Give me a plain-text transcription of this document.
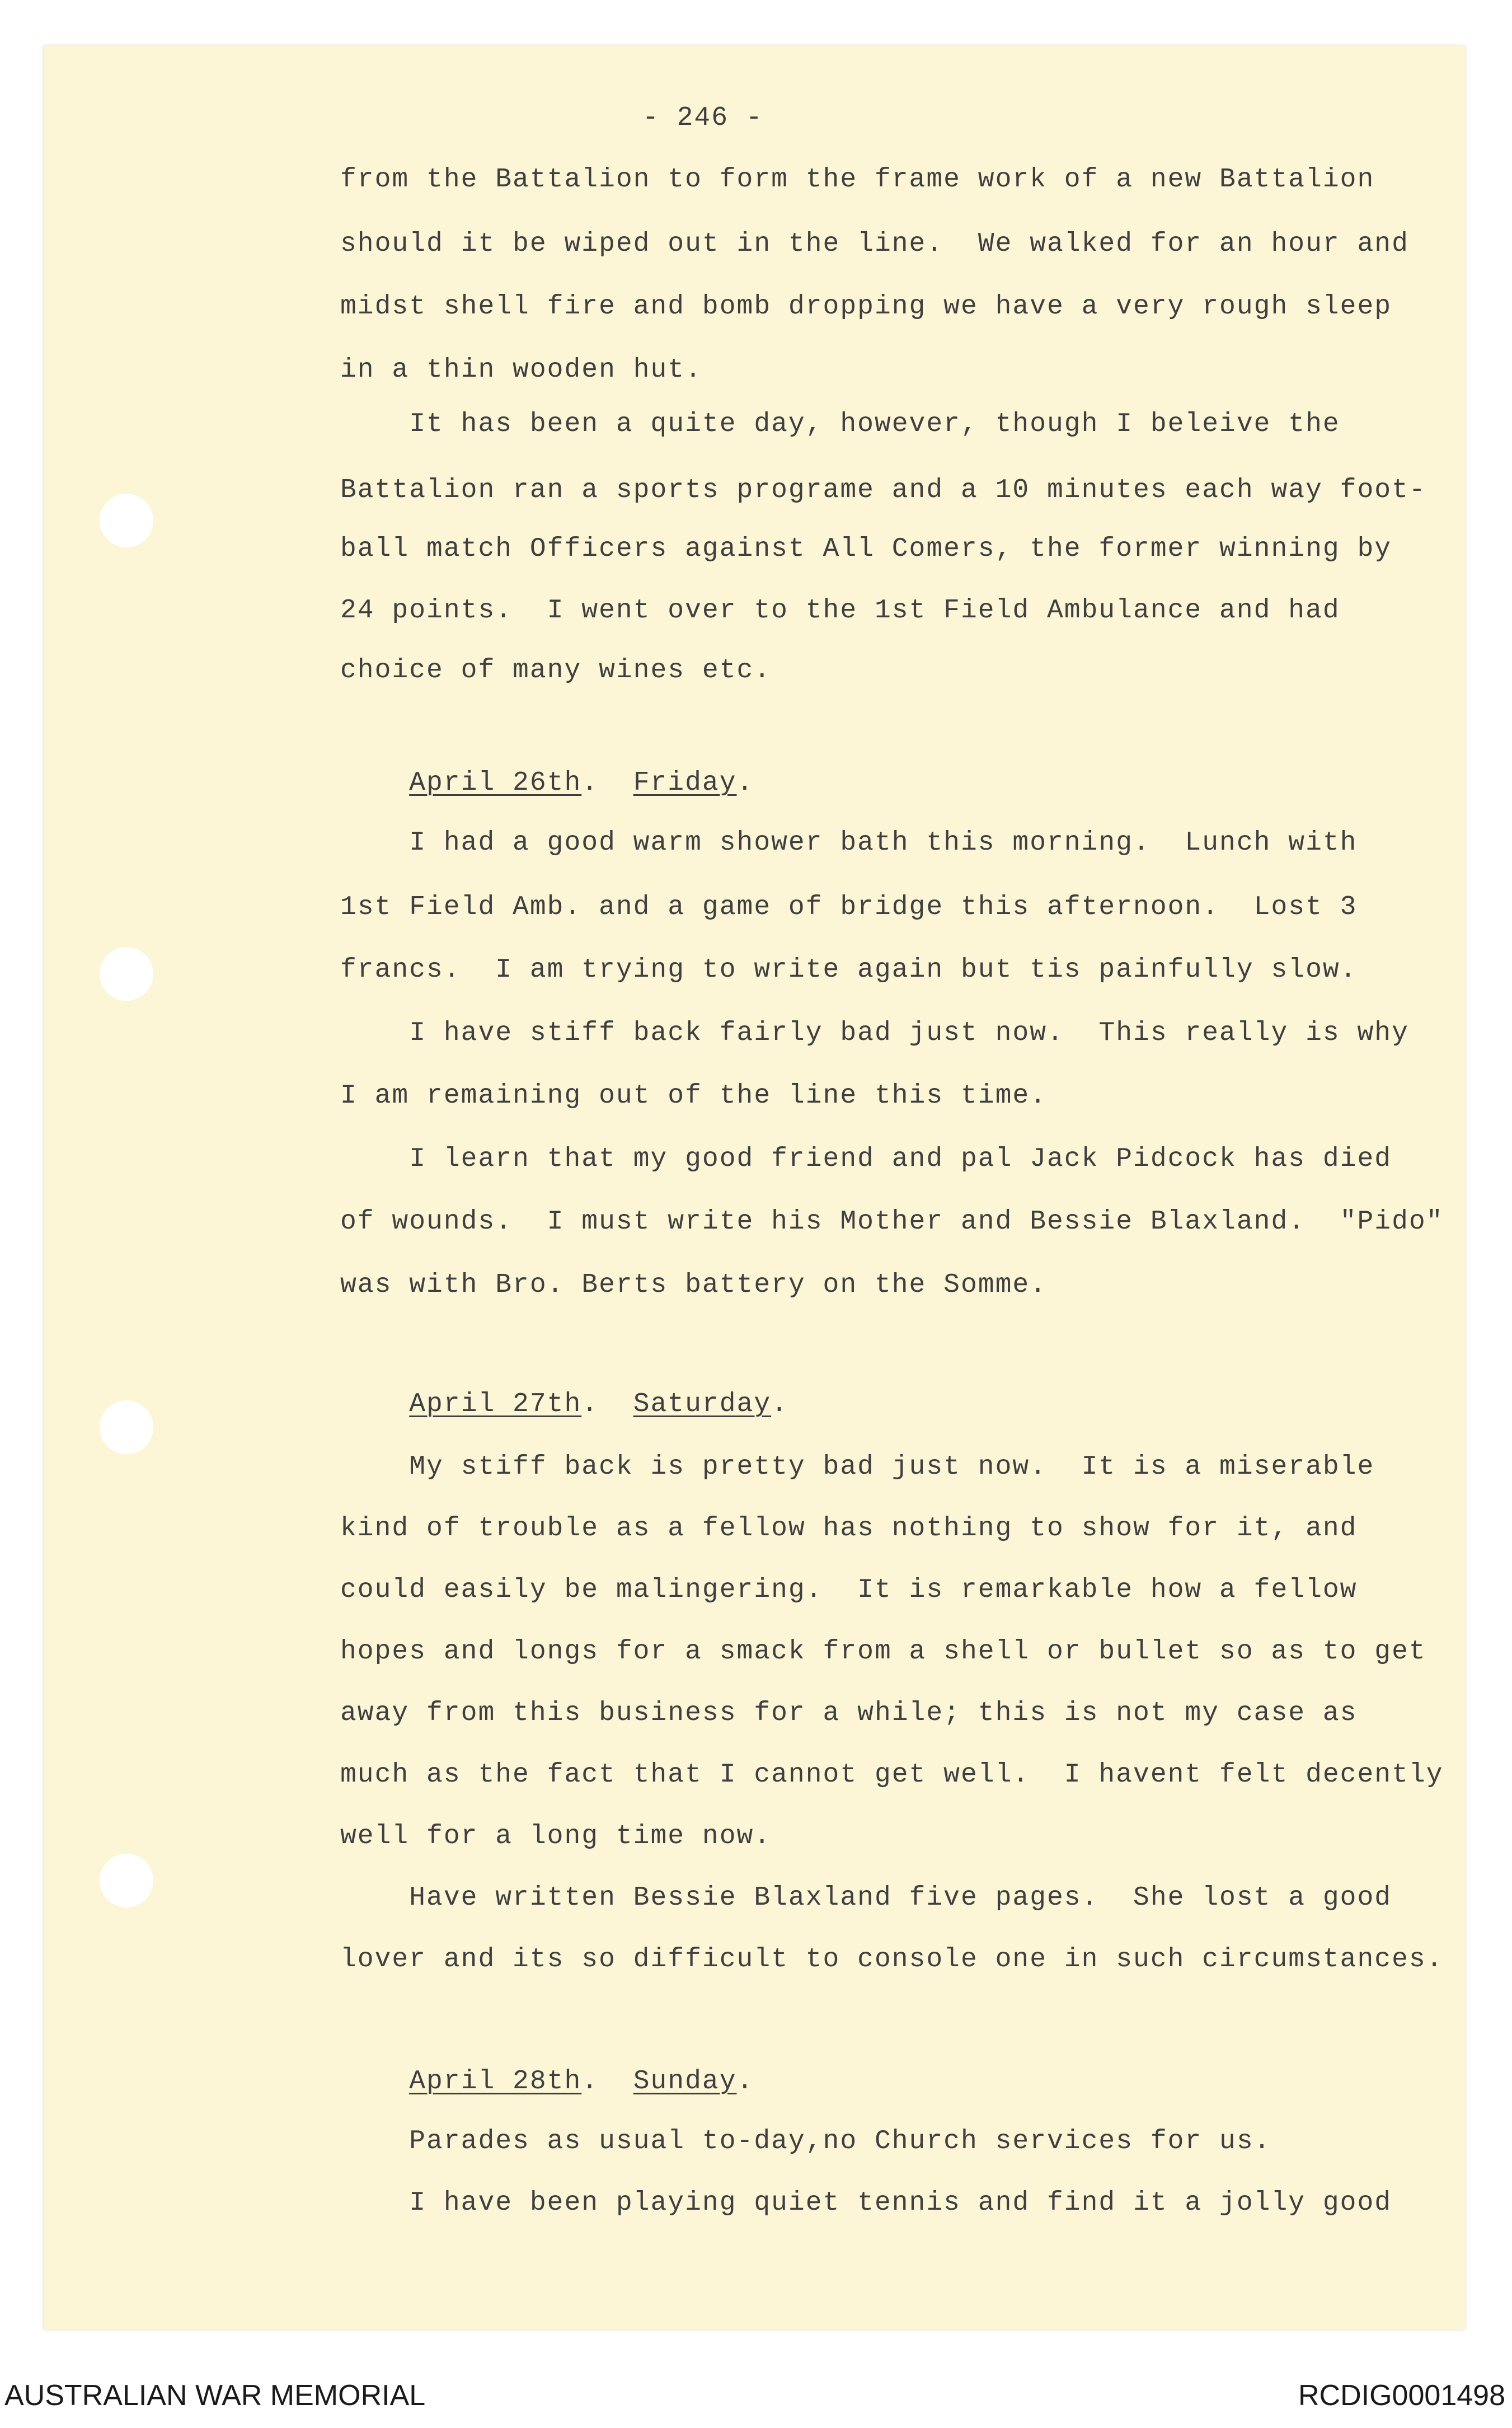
- 246 -
from the Battalion to form the frame work of a new Battalion
should it be wiped out in the line.  We walked for an hour and
midst shell fire and bomb dropping we have a very rough sleep
in a thin wooden hut.
It has been a quite day, however, though I beleive the
Battalion ran a sports programe and a 10 minutes each way foot-
ball match Officers against All Comers, the former winning by
24 points.  I went over to the 1st Field Ambulance and had
choice of many wines etc.

April 26th.  Friday.

I had a good warm shower bath this morning.  Lunch with
1st Field Amb. and a game of bridge this afternoon.  Lost 3
francs.  I am trying to write again but tis painfully slow.
I have stiff back fairly bad just now.  This really is why
I am remaining out of the line this time.
I learn that my good friend and pal Jack Pidcock has died
of wounds.  I must write his Mother and Bessie Blaxland.  "Pido"
was with Bro. Berts battery on the Somme.

April 27th.  Saturday.

My stiff back is pretty bad just now.  It is a miserable
kind of trouble as a fellow has nothing to show for it, and
could easily be malingering.  It is remarkable how a fellow
hopes and longs for a smack from a shell or bullet so as to get
away from this business for a while; this is not my case as
much as the fact that I cannot get well.  I havent felt decently
well for a long time now.
Have written Bessie Blaxland five pages.  She lost a good
lover and its so difficult to console one in such circumstances.

April 28th.  Sunday.

Parades as usual to-day,no Church services for us.
I have been playing quiet tennis and find it a jolly good
AUSTRALIAN WAR MEMORIAL	RCDIG0001498
